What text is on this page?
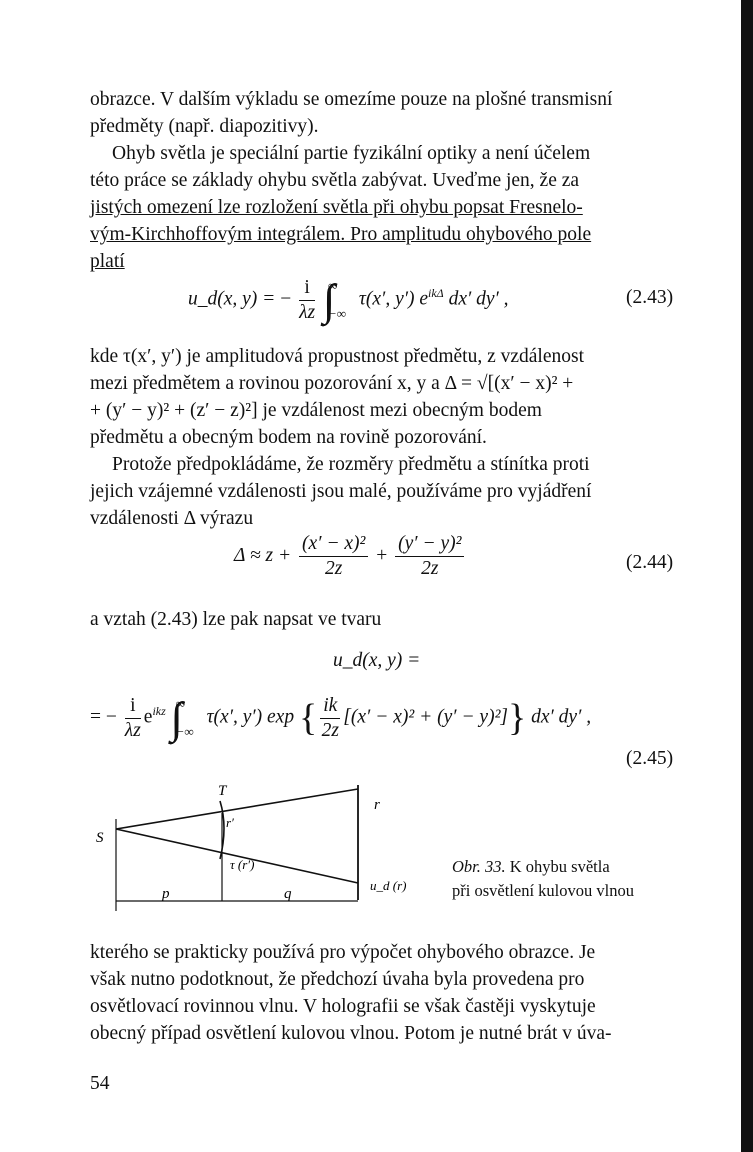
obrazce. V dalším výkladu se omezíme pouze na plošné transmisní
předměty (např. diapozitivy).

Ohyb světla je speciální partie fyzikální optiky a není účelem
této práce se základy ohybu světla zabývat. Uveďme jen, že za
jistých omezení lze rozložení světla při ohybu popsat Fresnelo-
vým-Kirchhoffovým integrálem. Pro amplitudu ohybového pole
platí

u_d(x, y) = − $\frac{i}{\lambda z}$ ∫∫ ∞
−∞
τ(x′, y′) $e^{ik\Delta}$ dx′ dy′ ,	(2.43)

kde τ(x′, y′) je amplitudová propustnost předmětu, z vzdálenost
mezi předmětem a rovinou pozorování x, y a Δ = √[(x′ − x)² +
+ (y′ − y)² + (z′ − z)²] je vzdálenost mezi obecným bodem
předmětu a obecným bodem na rovině pozorování.

Protože předpokládáme, že rozměry předmětu a stínítka proti
jejich vzájemné vzdálenosti jsou malé, používáme pro vyjádření
vzdálenosti Δ výrazu

$\Delta \approx z + \frac{\text{(x′ − x)²}}{2z} + \frac{\text{(y′ − y)²}}{2z}$	(2.44)

a vztah (2.43) lze pak napsat ve tvaru

u_d(x, y) =
= − $\frac{i}{\lambda z} e^{ikz}$ ∫∫ ∞
−∞
τ(x′, y′) exp { $\frac{ik}{2z} [(x' - x)^2 + (y' - y)^2]$} dx′ dy′ ,
(2.45)
S
T
r
r′
τ (r′)
p	q
u_d (r)
Obr. 33. K ohybu světla
při osvětlení kulovou vlnou

kterého se prakticky používá pro výpočet ohybového obrazce. Je
však nutno podotknout, že předchozí úvaha byla provedena pro
osvětlovací rovinnou vlnu. V holografii se však častěji vyskytuje
obecný případ osvětlení kulovou vlnou. Potom je nutné brát v úva-

54
